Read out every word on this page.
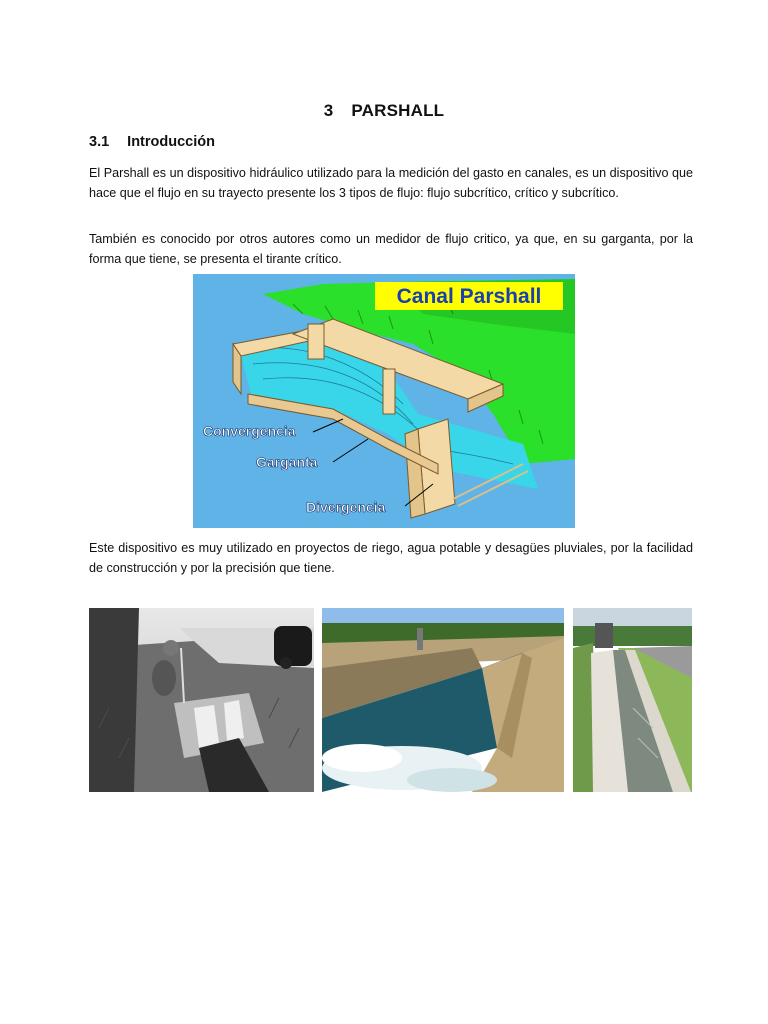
3 PARSHALL
3.1 Introducción

El Parshall es un dispositivo hidráulico utilizado para la medición del gasto en canales, es un dispositivo que hace que el flujo en su trayecto presente los 3 tipos de flujo: flujo subcrítico, crítico y subcrítico.

También es conocido por otros autores como un medidor de flujo critico, ya que, en su garganta, por la forma que tiene, se presenta el tirante crítico.

Canal Parshall
Convergencia
Garganta
Divergencia

Este dispositivo es muy utilizado en proyectos de riego, agua potable y desagües pluviales, por la facilidad de construcción y por la precisión que tiene.
